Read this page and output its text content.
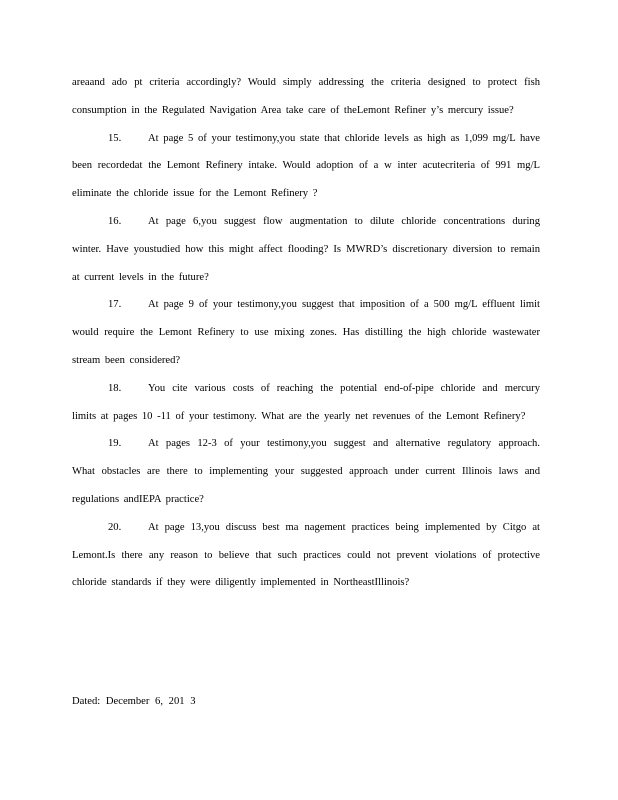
areaand ado pt criteria accordingly? Would simply addressing the criteria designed to protect fish consumption in the Regulated Navigation Area take care of theLemont Refiner y’s mercury issue?

15.	At page 5 of your testimony,you state that chloride levels as high as 1,099 mg/L have been recordedat the Lemont Refinery intake. Would adoption of a w inter acutecriteria of 991 mg/L eliminate the chloride issue for the Lemont Refinery ?

16.	At page 6,you suggest flow augmentation to dilute chloride concentrations during winter. Have youstudied how this might affect flooding? Is MWRD’s discretionary diversion to remain at current levels in the future?

17.	At page 9 of your testimony,you suggest that imposition of a 500 mg/L effluent limit would require the Lemont Refinery to use mixing zones. Has distilling the high chloride wastewater stream been considered?

18.	You cite various costs of reaching the potential end-of-pipe chloride and mercury limits at pages 10 -11 of your testimony. What are the yearly net revenues of the Lemont Refinery?

19.	At pages 12-3 of your testimony,you suggest and alternative regulatory approach. What obstacles are there to implementing your suggested approach under current Illinois laws and regulations andIEPA practice?

20.	At page 13,you discuss best ma nagement practices being implemented by Citgo at Lemont.Is there any reason to believe that such practices could not prevent violations of protective chloride standards if they were diligently implemented in NortheastIllinois?

Dated: December 6, 201 3
